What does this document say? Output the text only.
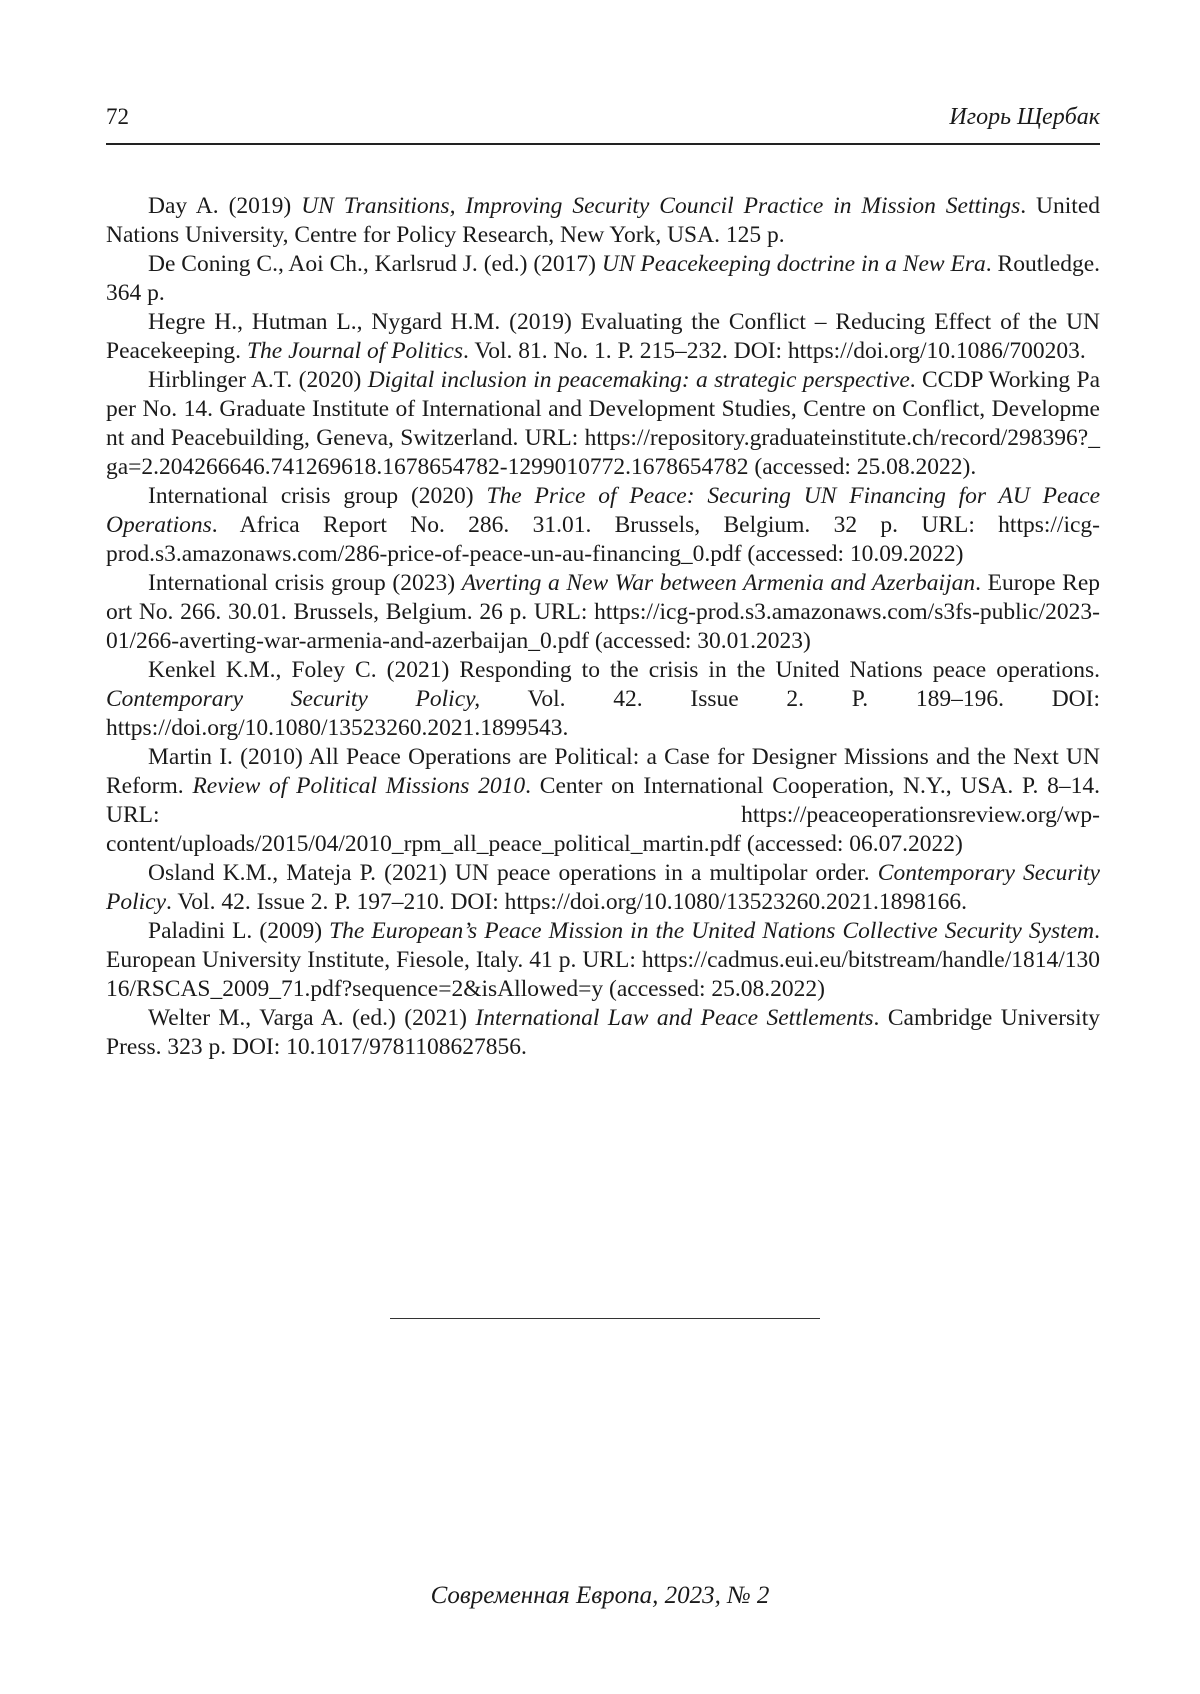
72	Игорь Щербак

Day A. (2019) UN Transitions, Improving Security Council Practice in Mission Settings. United Nations University, Centre for Policy Research, New York, USA. 125 p.

De Coning C., Aoi Ch., Karlsrud J. (ed.) (2017) UN Peacekeeping doctrine in a New Era. Routledge. 364 p.

Hegre H., Hutman L., Nygard H.M. (2019) Evaluating the Conflict – Reducing Effect of the UN Peacekeeping. The Journal of Politics. Vol. 81. No. 1. P. 215–232. DOI: https://doi.org/10.1086/700203.

Hirblinger A.T. (2020) Digital inclusion in peacemaking: a strategic perspective. CCDP Working Paper No. 14. Graduate Institute of International and Development Studies, Centre on Conflict, Development and Peacebuilding, Geneva, Switzerland. URL: https://repository.graduateinstitute.ch/record/298396?_ga=2.204266646.741269618.1678654782-1299010772.1678654782 (accessed: 25.08.2022).

International crisis group (2020) The Price of Peace: Securing UN Financing for AU Peace Operations. Africa Report No. 286. 31.01. Brussels, Belgium. 32 p. URL: https://icg-prod.s3.amazonaws.com/286-price-of-peace-un-au-financing_0.pdf (accessed: 10.09.2022)

International crisis group (2023) Averting a New War between Armenia and Azerbaijan. Europe Report No. 266. 30.01. Brussels, Belgium. 26 p. URL: https://icg-prod.s3.amazonaws.com/s3fs-public/2023-01/266-averting-war-armenia-and-azerbaijan_0.pdf (accessed: 30.01.2023)

Kenkel K.M., Foley C. (2021) Responding to the crisis in the United Nations peace operations. Contemporary Security Policy, Vol. 42. Issue 2. P. 189–196. DOI: https://doi.org/10.1080/13523260.2021.1899543.

Martin I. (2010) All Peace Operations are Political: a Case for Designer Missions and the Next UN Reform. Review of Political Missions 2010. Center on International Cooperation, N.Y., USA. P. 8–14. URL: https://peaceoperationsreview.org/wp-content/uploads/2015/04/2010_rpm_all_peace_political_martin.pdf (accessed: 06.07.2022)

Osland K.M., Mateja P. (2021) UN peace operations in a multipolar order. Contemporary Security Policy. Vol. 42. Issue 2. P. 197–210. DOI: https://doi.org/10.1080/13523260.2021.1898166.

Paladini L. (2009) The European’s Peace Mission in the United Nations Collective Security System. European University Institute, Fiesole, Italy. 41 p. URL: https://cadmus.eui.eu/bitstream/handle/1814/13016/RSCAS_2009_71.pdf?sequence=2&isAllowed=y (accessed: 25.08.2022)

Welter M., Varga A. (ed.) (2021) International Law and Peace Settlements. Cambridge University Press. 323 p. DOI: 10.1017/9781108627856.

Современная Европа, 2023, № 2
